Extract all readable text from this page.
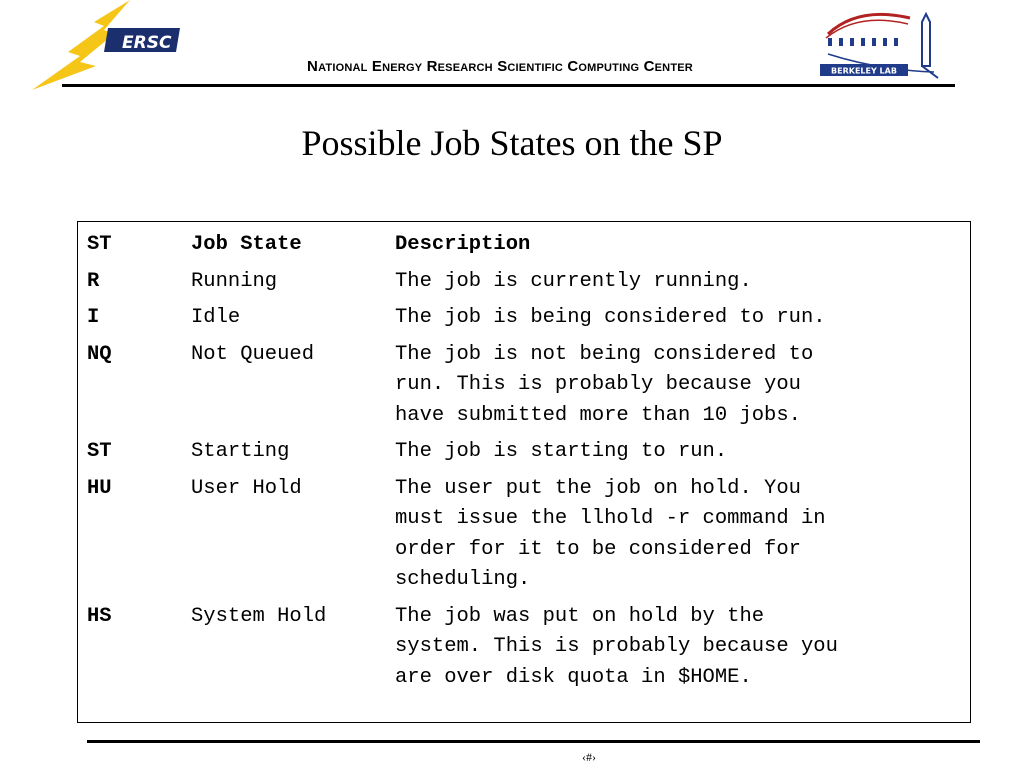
ERSC
National Energy Research Scientific Computing Center	BERKELEY LAB
Possible Job States on the SP
ST	Job State	Description
R	Running	The job is currently running.
I	Idle	The job is being considered to run.
NQ	Not Queued	The job is not being considered to
run. This is probably because you
have submitted more than 10 jobs.
ST	Starting	The job is starting to run.
HU	User Hold	The user put the job on hold. You
must issue the llhold -r command in
order for it to be considered for
scheduling.
HS	System Hold	The job was put on hold by the
system. This is probably because you
are over disk quota in $HOME.
‹#›
